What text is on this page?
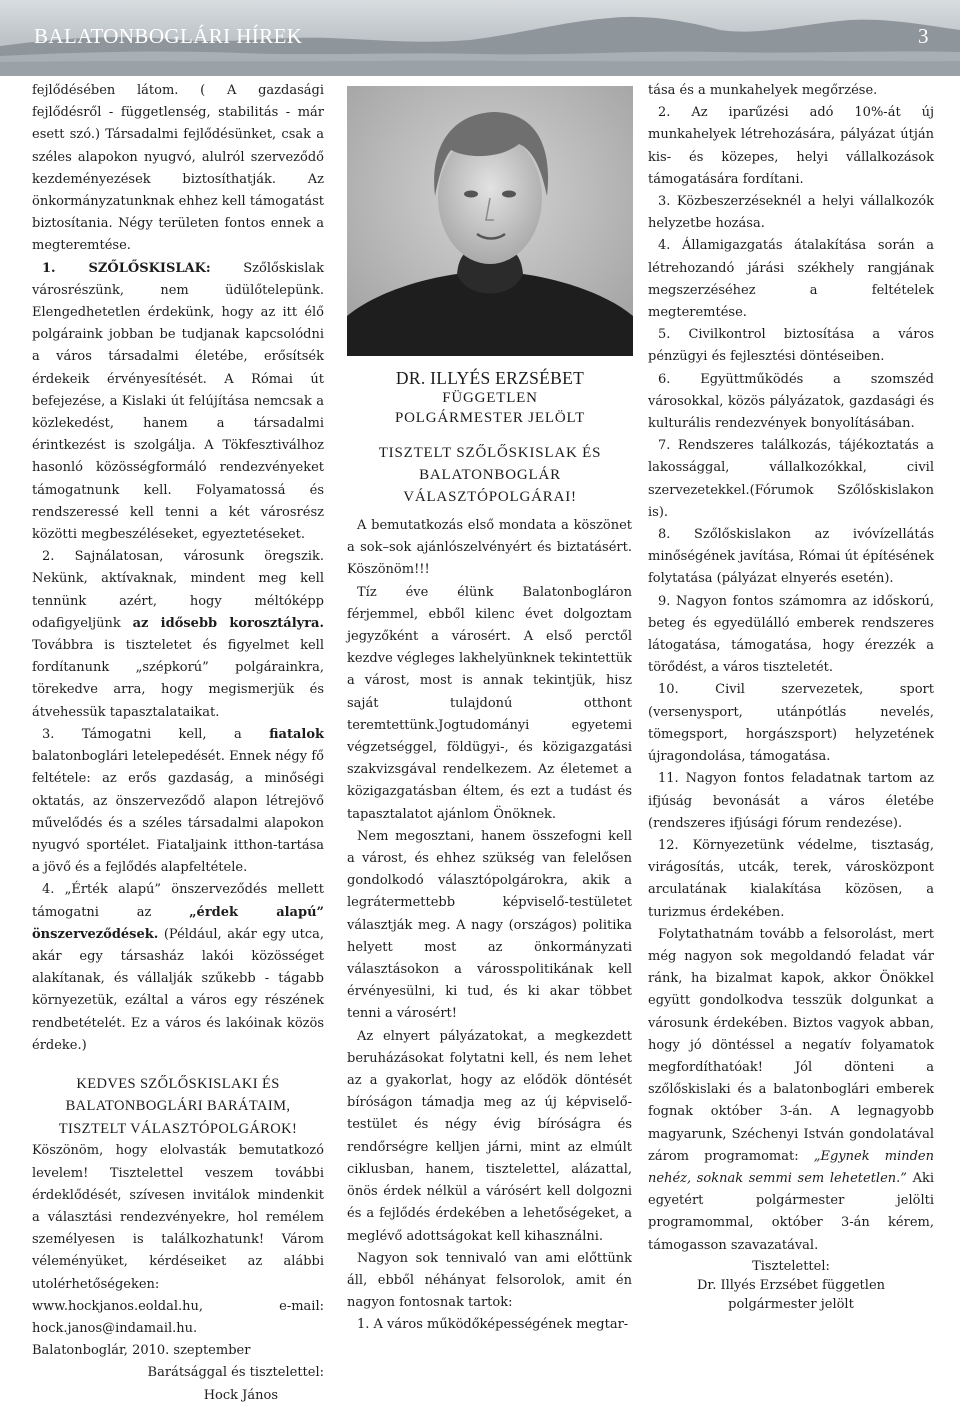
BALATONBOGLÁRI HÍREK	3

fejlődésében látom. ( A gazdasági fejlődésről - függetlenség, stabilitás - már esett szó.) Társadalmi fejlődésünket, csak a széles alapokon nyugvó, alulról szerveződő kezdeményezések biztosíthatják. Az önkormányzatunknak ehhez kell támogatást biztosítania. Négy területen fontos ennek a megteremtése.

1. SZŐLŐSKISLAK: Szőlőskislak városrészünk, nem üdülőtelepünk. Elengedhetetlen érdekünk, hogy az itt élő polgáraink jobban be tudjanak kapcsolódni a város társadalmi életébe, erősítsék érdekeik érvényesítését. A Római út befejezése, a Kislaki út felújítása nemcsak a közlekedést, hanem a társadalmi érintkezést is szolgálja. A Tökfesztiválhoz hasonló közösségformáló rendezvényeket támogatnunk kell. Folyamatossá és rendszeressé kell tenni a két városrész közötti megbeszéléseket, egyeztetéseket.

2. Sajnálatosan, városunk öregszik. Nekünk, aktívaknak, mindent meg kell tennünk azért, hogy méltóképp odafigyeljünk az idősebb korosztályra. Továbbra is tiszteletet és figyelmet kell fordítanunk „szépkorú” polgárainkra, törekedve arra, hogy megismerjük és átvehessük tapasztalataikat.

3. Támogatni kell, a fiatalok balatonboglári letelepedését. Ennek négy fő feltétele: az erős gazdaság, a minőségi oktatás, az önszerveződő alapon létrejövő művelődés és a széles társadalmi alapokon nyugvó sportélet. Fiataljaink itthon-tartása a jövő és a fejlődés alapfeltétele.

4. „Érték alapú” önszerveződés mellett támogatni az „érdek alapú” önszerveződések. (Például, akár egy utca, akár egy társasház lakói közösséget alakítanak, és vállalják szűkebb - tágabb környezetük, ezáltal a város egy részének rendbetételét. Ez a város és lakóinak közös érdeke.)

KEDVES SZŐLŐSKISLAKI ÉS
BALATONBOGLÁRI BARÁTAIM,
TISZTELT VÁLASZTÓPOLGÁROK!

Köszönöm, hogy elolvasták bemutatkozó levelem! Tisztelettel veszem további érdeklődését, szívesen invitálok mindenkit a választási rendezvényekre, hol remélem személyesen is találkozhatunk! Várom véleményüket, kérdéseiket az alábbi utolérhetőségeken: www.hockjanos.eoldal.hu, e-mail: hock.janos@indamail.hu.

Balatonboglár, 2010. szeptember

Barátsággal és tisztelettel:

Hock János

DR. ILLYÉS ERZSÉBET
FÜGGETLEN
POLGÁRMESTER JELÖLT
TISZTELT SZŐLŐSKISLAK ÉS
BALATONBOGLÁR
VÁLASZTÓPOLGÁRAI!

A bemutatkozás első mondata a köszönet a sok–sok ajánlószelvényért és biztatásért. Köszönöm!!!

Tíz éve élünk Balatonbogláron férjemmel, ebből kilenc évet dolgoztam jegyzőként a városért. A első perctől kezdve végleges lakhelyünknek tekintettük a várost, most is annak tekintjük, hisz saját tulajdonú otthont teremtettünk.Jogtudományi egyetemi végzetséggel, földügyi-, és közigazgatási szakvizsgával rendelkezem. Az életemet a közigazgatásban éltem, és ezt a tudást és tapasztalatot ajánlom Önöknek.

Nem megosztani, hanem összefogni kell a várost, és ehhez szükség van felelősen gondolkodó választópolgárokra, akik a legrátermettebb képviselő-testületet választják meg. A nagy (országos) politika helyett most az önkormányzati választásokon a városspolitikának kell érvényesülni, ki tud, és ki akar többet tenni a városért!

Az elnyert pályázatokat, a megkezdett beruházásokat folytatni kell, és nem lehet az a gyakorlat, hogy az elődök döntését bíróságon támadja meg az új képviselő-testület és négy évig bíróságra és rendőrségre kelljen járni, mint az elmúlt ciklusban, hanem, tisztelettel, alázattal, önös érdek nélkül a várósért kell dolgozni és a fejlődés érdekében a lehetőségeket, a meglévő adottságokat kell kihasználni.

Nagyon sok tennivaló van ami előttünk áll, ebből néhányat felsorolok, amit én nagyon fontosnak tartok:

1. A város működőképességének megtar-

tása és a munkahelyek megőrzése.

2. Az iparűzési adó 10%-át új munkahelyek létrehozására, pályázat útján kis- és közepes, helyi vállalkozások támogatására fordítani.

3. Közbeszerzéseknél a helyi vállalkozók helyzetbe hozása.

4. Államigazgatás átalakítása során a létrehozandó járási székhely rangjának megszerzéséhez a feltételek megteremtése.

5. Civilkontrol biztosítása a város pénzügyi és fejlesztési döntéseiben.

6. Együttműködés a szomszéd városokkal, közös pályázatok, gazdasági és kulturális rendezvények bonyolításában.

7. Rendszeres találkozás, tájékoztatás a lakossággal, vállalkozókkal, civil szervezetekkel.(Fórumok Szőlőskislakon is).

8. Szőlőskislakon az ivóvízellátás minőségének javítása, Római út építésének folytatása (pályázat elnyerés esetén).

9. Nagyon fontos számomra az időskorú, beteg és egyedülálló emberek rendszeres látogatása, támogatása, hogy érezzék a törődést, a város tiszteletét.

10. Civil szervezetek, sport (versenysport, utánpótlás nevelés, tömegsport, horgászsport) helyzetének újragondolása, támogatása.

11. Nagyon fontos feladatnak tartom az ifjúság bevonását a város életébe (rendszeres ifjúsági fórum rendezése).

12. Környezetünk védelme, tisztaság, virágosítás, utcák, terek, városközpont arculatának kialakítása közösen, a turizmus érdekében.

Folytathatnám tovább a felsorolást, mert még nagyon sok megoldandó feladat vár ránk, ha bizalmat kapok, akkor Önökkel együtt gondolkodva tesszük dolgunkat a városunk érdekében. Biztos vagyok abban, hogy jó döntéssel a negatív folyamatok megfordíthatóak! Jól dönteni a szőlőskislaki és a balatonboglári emberek fognak október 3-án. A legnagyobb magyarunk, Széchenyi István gondolatával zárom programomat: „Egynek minden nehéz, soknak semmi sem lehetetlen.” Aki egyetért polgármester jelölti programommal, október 3-án kérem, támogasson szavazatával.

Tisztelettel:

Dr. Illyés Erzsébet független

polgármester jelölt
